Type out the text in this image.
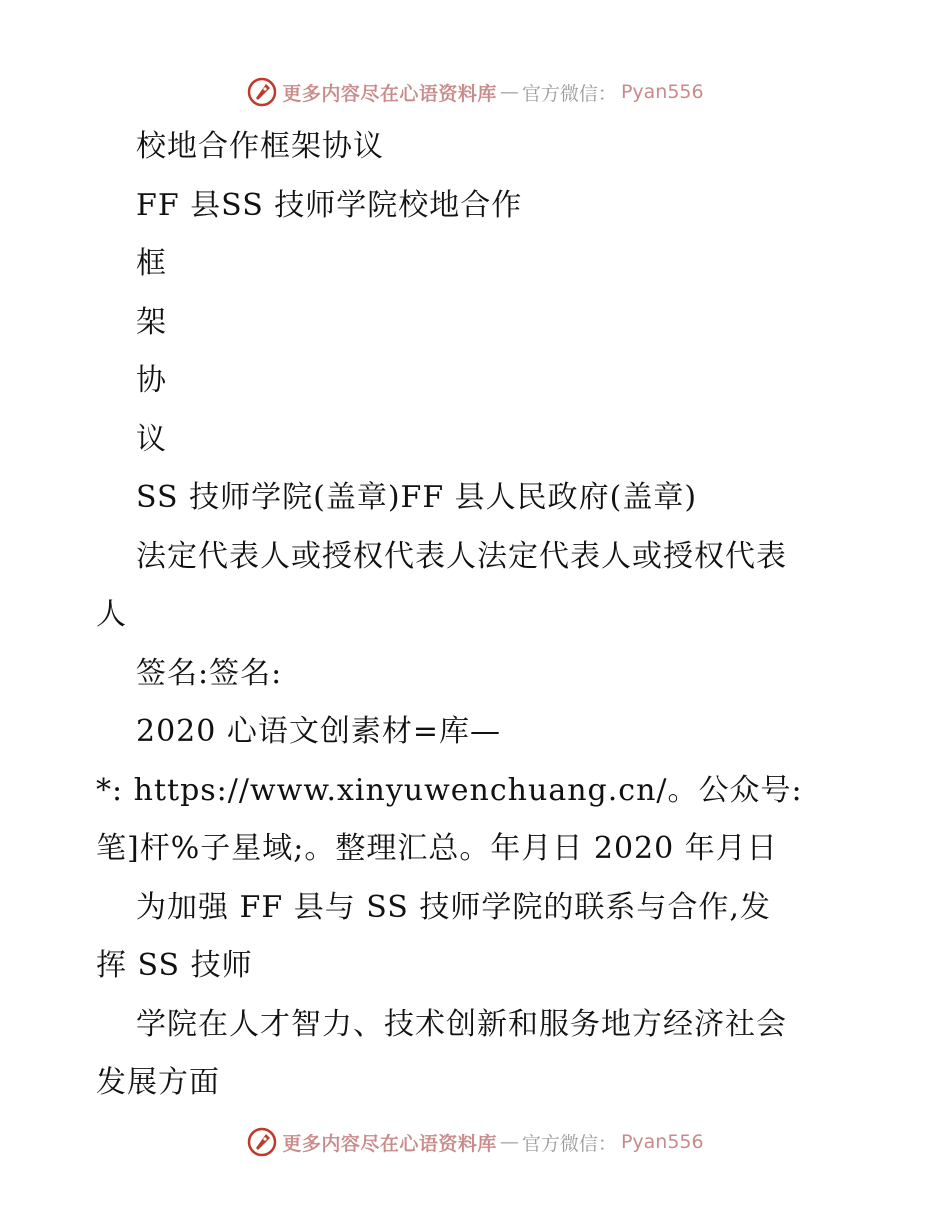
更多内容尽在心语资料库 — 官方微信： Pyan556
校地合作框架协议
FF 县SS 技师学院校地合作
框
架
协
议
SS 技师学院(盖章)FF 县人民政府(盖章)
法定代表人或授权代表人法定代表人或授权代表
人
签名:签名:
2020 心语文创素材=库—
*: https://www.xinyuwenchuang.cn/。公众号:
笔]杆%子星域;。整理汇总。年月日 2020 年月日
为加强 FF 县与 SS 技师学院的联系与合作,发
挥 SS 技师
学院在人才智力、技术创新和服务地方经济社会
发展方面
更多内容尽在心语资料库 — 官方微信： Pyan556
